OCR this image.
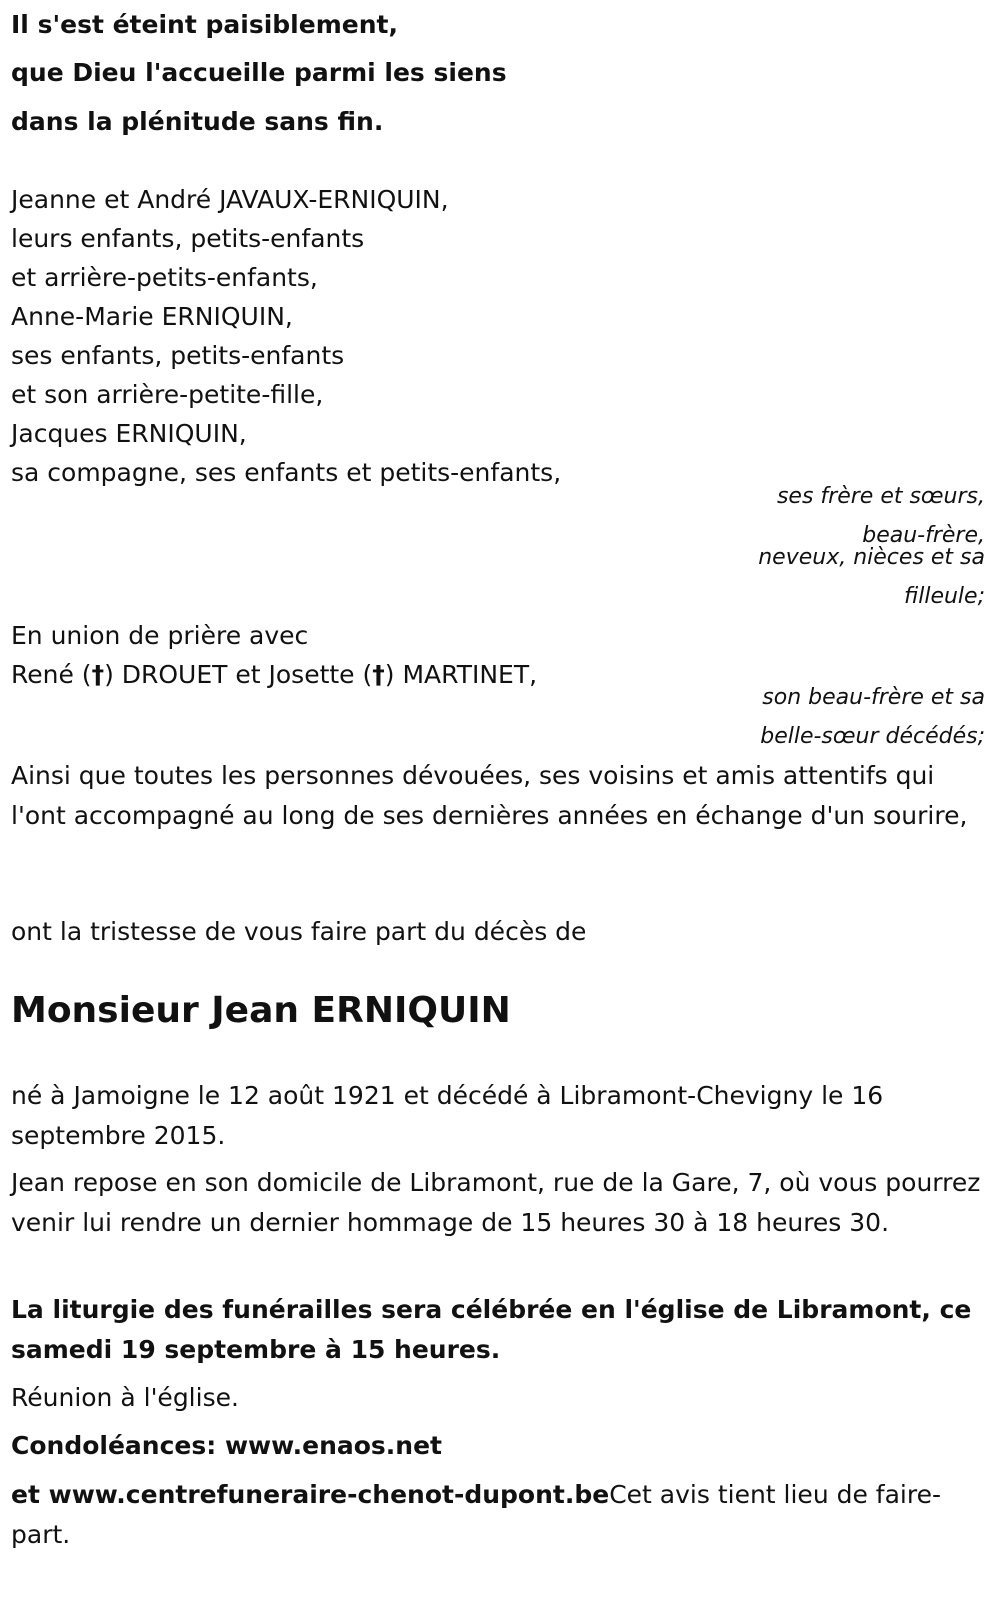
Il s'est éteint paisiblement,

que Dieu l'accueille parmi les siens

dans la plénitude sans fin.

Jeanne et André JAVAUX-ERNIQUIN,

leurs enfants, petits-enfants

et arrière-petits-enfants,

Anne-Marie ERNIQUIN,

ses enfants, petits-enfants

et son arrière-petite-fille,

Jacques ERNIQUIN,

sa compagne, ses enfants et petits-enfants,

ses frère et sœurs,

beau-frère,

neveux, nièces et sa

filleule;

En union de prière avec

René (†) DROUET et Josette (†) MARTINET,

son beau-frère et sa

belle-sœur décédés;

Ainsi que toutes les personnes dévouées, ses voisins et amis attentifs qui l'ont accompagné au long de ses dernières années en échange d'un sourire,

ont la tristesse de vous faire part du décès de

Monsieur Jean ERNIQUIN

né à Jamoigne le 12 août 1921 et décédé à Libramont-Chevigny le 16 septembre 2015.

Jean repose en son domicile de Libramont, rue de la Gare, 7, où vous pourrez venir lui rendre un dernier hommage de 15 heures 30 à 18 heures 30.

La liturgie des funérailles sera célébrée en l'église de Libramont, ce samedi 19 septembre à 15 heures.

Réunion à l'église.

Condoléances: www.enaos.net

et www.centrefuneraire-chenot-dupont.beCet avis tient lieu de faire-part.
